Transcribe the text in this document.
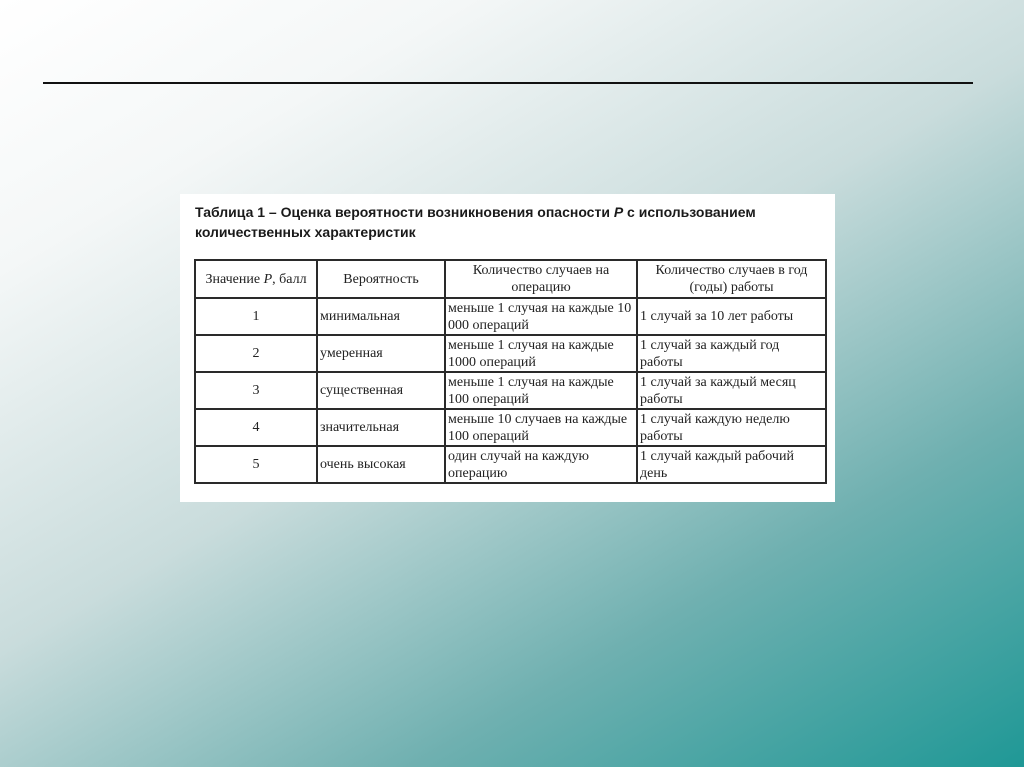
Таблица 1 – Оценка вероятности возникновения опасности P с использованием количественных характеристик

Значение P, балл	Вероятность	Количество случаев на операцию	Количество случаев в год (годы) работы
1	минимальная	меньше 1 случая на каждые 10 000 операций	1 случай за 10 лет работы
2	умеренная	меньше 1 случая на каждые 1000 операций	1 случай за каждый год работы
3	существенная	меньше 1 случая на каждые 100 операций	1 случай за каждый месяц работы
4	значительная	меньше 10 случаев на каждые 100 операций	1 случай каждую неделю работы
5	очень высокая	один случай на каждую операцию	1 случай каждый рабочий день
